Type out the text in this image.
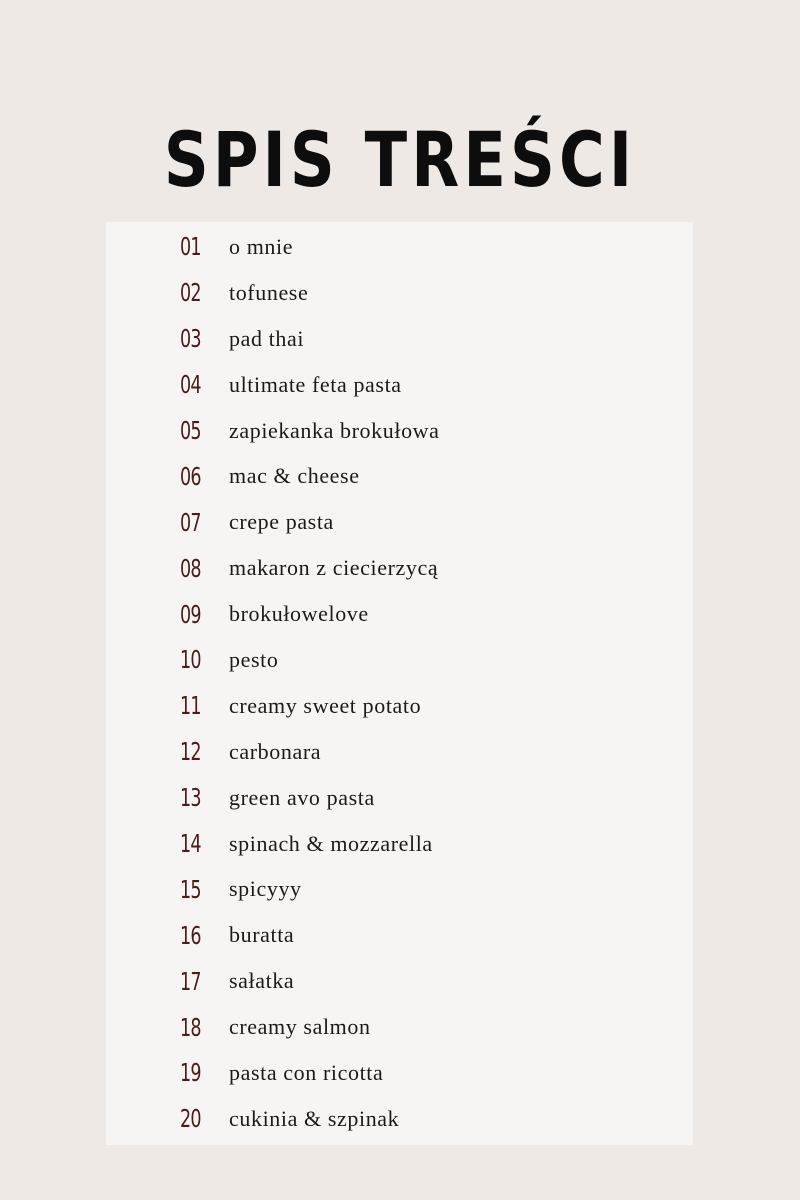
SPIS TREŚCI
01	o mnie
02	tofunese
03	pad thai
04	ultimate feta pasta
05	zapiekanka brokułowa
06	mac & cheese
07	crepe pasta
08	makaron z ciecierzycą
09	brokułowelove
10	pesto
11	creamy sweet potato
12	carbonara
13	green avo pasta
14	spinach & mozzarella
15	spicyyy
16	buratta
17	sałatka
18	creamy salmon
19	pasta con ricotta
20	cukinia & szpinak
